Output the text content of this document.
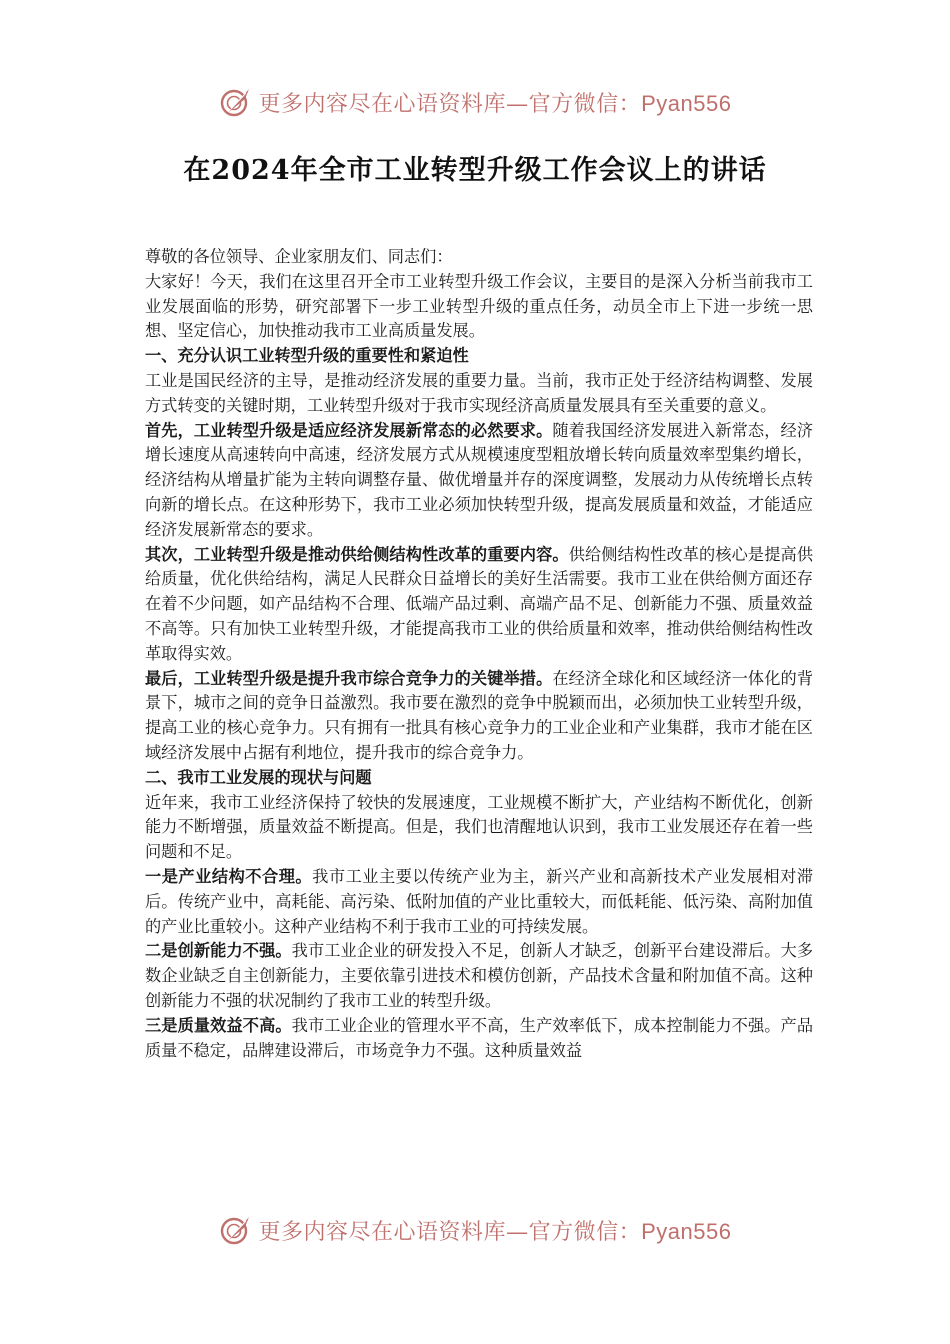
更多内容尽在心语资料库—官方微信：Pyan556
在2024年全市工业转型升级工作会议上的讲话

尊敬的各位领导、企业家朋友们、同志们：

大家好！今天，我们在这里召开全市工业转型升级工作会议，主要目的是深入分析当前我市工业发展面临的形势，研究部署下一步工业转型升级的重点任务，动员全市上下进一步统一思想、坚定信心，加快推动我市工业高质量发展。

一、充分认识工业转型升级的重要性和紧迫性

工业是国民经济的主导，是推动经济发展的重要力量。当前，我市正处于经济结构调整、发展方式转变的关键时期，工业转型升级对于我市实现经济高质量发展具有至关重要的意义。

首先，工业转型升级是适应经济发展新常态的必然要求。随着我国经济发展进入新常态，经济增长速度从高速转向中高速，经济发展方式从规模速度型粗放增长转向质量效率型集约增长，经济结构从增量扩能为主转向调整存量、做优增量并存的深度调整，发展动力从传统增长点转向新的增长点。在这种形势下，我市工业必须加快转型升级，提高发展质量和效益，才能适应经济发展新常态的要求。

其次，工业转型升级是推动供给侧结构性改革的重要内容。供给侧结构性改革的核心是提高供给质量，优化供给结构，满足人民群众日益增长的美好生活需要。我市工业在供给侧方面还存在着不少问题，如产品结构不合理、低端产品过剩、高端产品不足、创新能力不强、质量效益不高等。只有加快工业转型升级，才能提高我市工业的供给质量和效率，推动供给侧结构性改革取得实效。

最后，工业转型升级是提升我市综合竞争力的关键举措。在经济全球化和区域经济一体化的背景下，城市之间的竞争日益激烈。我市要在激烈的竞争中脱颖而出，必须加快工业转型升级，提高工业的核心竞争力。只有拥有一批具有核心竞争力的工业企业和产业集群，我市才能在区域经济发展中占据有利地位，提升我市的综合竞争力。

二、我市工业发展的现状与问题

近年来，我市工业经济保持了较快的发展速度，工业规模不断扩大，产业结构不断优化，创新能力不断增强，质量效益不断提高。但是，我们也清醒地认识到，我市工业发展还存在着一些问题和不足。

一是产业结构不合理。我市工业主要以传统产业为主，新兴产业和高新技术产业发展相对滞后。传统产业中，高耗能、高污染、低附加值的产业比重较大，而低耗能、低污染、高附加值的产业比重较小。这种产业结构不利于我市工业的可持续发展。

二是创新能力不强。我市工业企业的研发投入不足，创新人才缺乏，创新平台建设滞后。大多数企业缺乏自主创新能力，主要依靠引进技术和模仿创新，产品技术含量和附加值不高。这种创新能力不强的状况制约了我市工业的转型升级。

三是质量效益不高。我市工业企业的管理水平不高，生产效率低下，成本控制能力不强。产品质量不稳定，品牌建设滞后，市场竞争力不强。这种质量效益

更多内容尽在心语资料库—官方微信：Pyan556
